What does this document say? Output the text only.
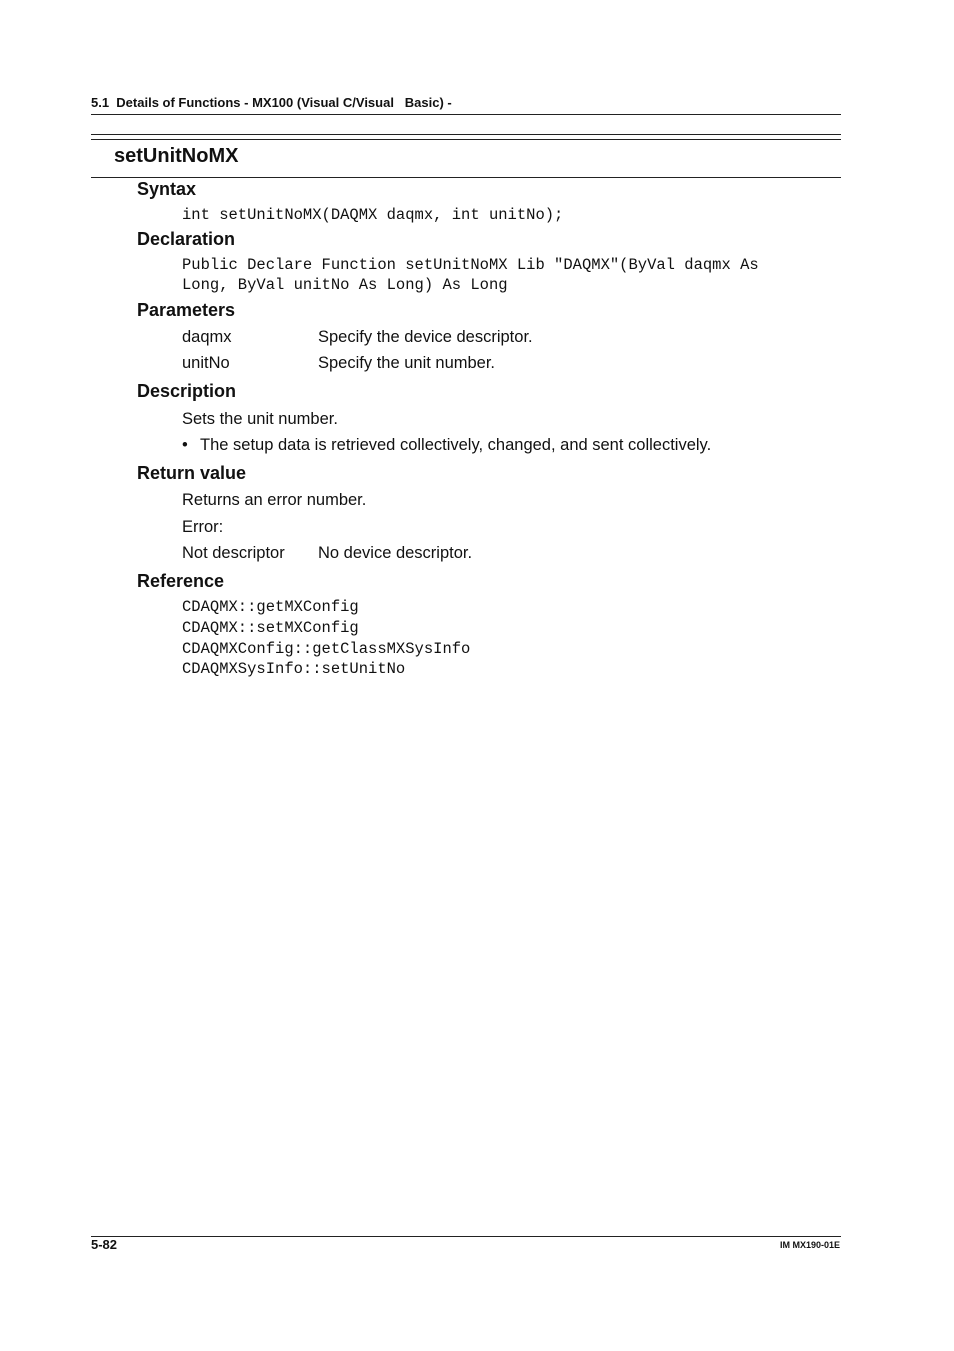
5.1  Details of Functions - MX100 (Visual C/Visual   Basic) -
setUnitNoMX
Syntax
int setUnitNoMX(DAQMX daqmx, int unitNo);
Declaration
Public Declare Function setUnitNoMX Lib "DAQMX"(ByVal daqmx As
Long, ByVal unitNo As Long) As Long
Parameters
daqmx	Specify the device descriptor.
unitNo	Specify the unit number.
Description
Sets the unit number.
• The setup data is retrieved collectively, changed, and sent collectively.
Return value
Returns an error number.
Error:
Not descriptor No device descriptor.
Reference
CDAQMX::getMXConfig
CDAQMX::setMXConfig
CDAQMXConfig::getClassMXSysInfo
CDAQMXSysInfo::setUnitNo
5-82	IM MX190-01E
